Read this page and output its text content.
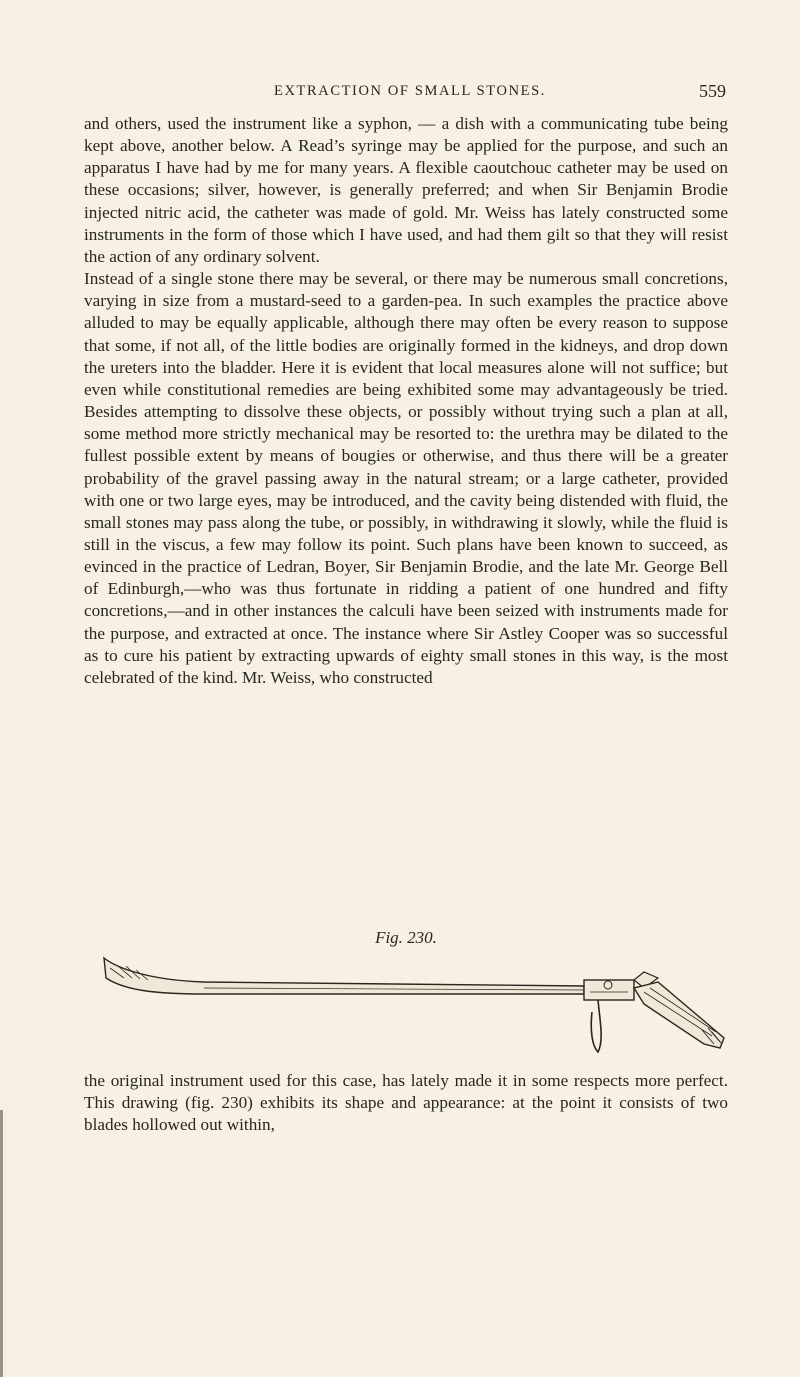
EXTRACTION OF SMALL STONES.	559

and others, used the instrument like a syphon, — a dish with a communicating tube being kept above, another below. A Read’s syringe may be applied for the purpose, and such an apparatus I have had by me for many years. A flexible caoutchouc catheter may be used on these occasions; silver, however, is generally preferred; and when Sir Benjamin Brodie injected nitric acid, the catheter was made of gold. Mr. Weiss has lately constructed some instruments in the form of those which I have used, and had them gilt so that they will resist the action of any ordinary solvent.

Instead of a single stone there may be several, or there may be numerous small concretions, varying in size from a mustard-seed to a garden-pea. In such examples the practice above alluded to may be equally applicable, although there may often be every reason to suppose that some, if not all, of the little bodies are originally formed in the kidneys, and drop down the ureters into the bladder. Here it is evident that local measures alone will not suffice; but even while constitutional remedies are being exhibited some may advantageously be tried. Besides attempting to dissolve these objects, or possibly without trying such a plan at all, some method more strictly mechanical may be resorted to: the urethra may be dilated to the fullest possible extent by means of bougies or otherwise, and thus there will be a greater probability of the gravel passing away in the natural stream; or a large catheter, provided with one or two large eyes, may be introduced, and the cavity being distended with fluid, the small stones may pass along the tube, or possibly, in withdrawing it slowly, while the fluid is still in the viscus, a few may follow its point. Such plans have been known to succeed, as evinced in the practice of Ledran, Boyer, Sir Benjamin Brodie, and the late Mr. George Bell of Edinburgh,—who was thus fortunate in ridding a patient of one hundred and fifty concretions,—and in other instances the calculi have been seized with instruments made for the purpose, and extracted at once. The instance where Sir Astley Cooper was so successful as to cure his patient by extracting upwards of eighty small stones in this way, is the most celebrated of the kind. Mr. Weiss, who constructed

Fig. 230.

the original instrument used for this case, has lately made it in some respects more perfect. This drawing (fig. 230) exhibits its shape and appearance: at the point it consists of two blades hollowed out within,
